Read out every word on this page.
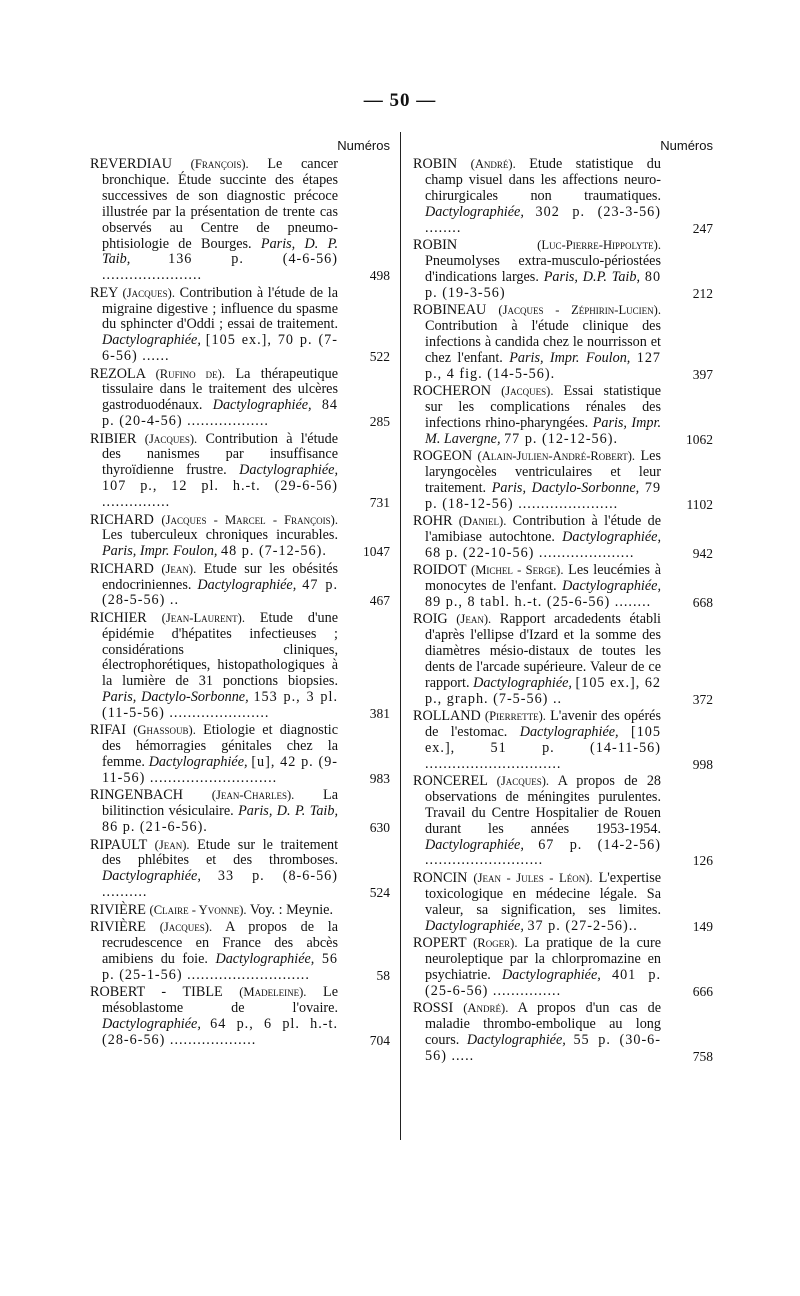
— 50 —
Numéros
REVERDIAU (François). Le cancer bronchique. Étude succinte des étapes successives de son diagnostic précoce illustrée par la présentation de trente cas observés au Centre de pneumo-phtisiologie de Bourges. Paris, D. P. Taib,	136 p. (4-6-56) ......................	498
REY (Jacques). Contribution à l'étude de la migraine digestive ; influence du spasme du sphincter d'Oddi ; essai de traitement. Dactylographiée, [105 ex.], 70 p. (7-6-56) ......	522
REZOLA (Rufino de). La thérapeutique tissulaire dans le traitement des ulcères gastroduodénaux. Dactylographiée, 84 p. (20-4-56) ..................	285
RIBIER (Jacques). Contribution à l'étude des nanismes par insuffisance thyroïdienne frustre. Dactylographiée, 107 p., 12 pl. h.-t. (29-6-56) ...............	731
RICHARD (Jacques - Marcel - François). Les tuberculeux chroniques incurables. Paris, Impr. Foulon, 48 p. (7-12-56).	1047
RICHARD (Jean). Etude sur les obésités endocriniennes. Dactylographiée, 47 p. (28-5-56) ..	467
RICHIER (Jean-Laurent). Etude d'une épidémie d'hépatites infectieuses ; considérations cliniques, électrophorétiques, histopathologiques à la lumière de 31 ponctions biopsies. Paris, Dactylo-Sorbonne, 153 p., 3 pl. (11-5-56) ......................	381
RIFAI (Ghassoub). Etiologie et diagnostic des hémorragies génitales chez la femme. Dactylographiée, [u], 42 p. (9-11-56) ............................	983
RINGENBACH (Jean-Charles). La bilitinction vésiculaire. Paris, D. P. Taib, 86 p. (21-6-56).	630
RIPAULT (Jean). Etude sur le traitement des phlébites et des thromboses. Dactylographiée, 33 p. (8-6-56) ..........	524
RIVIÈRE (Claire - Yvonne). Voy. : Meynie.
RIVIÈRE (Jacques). A propos de la recrudescence en France des abcès amibiens du foie. Dactylographiée, 56 p. (25-1-56) ...........................	58
ROBERT - TIBLE (Madeleine). Le mésoblastome de l'ovaire. Dactylographiée, 64 p., 6 pl. h.-t. (28-6-56) ...................	704
Numéros
ROBIN (André). Etude statistique du champ visuel dans les affections neuro-chirurgicales non traumatiques. Dactylographiée, 302 p. (23-3-56) ........	247
ROBIN	(Luc-Pierre-Hippolyte). Pneumolyses extra-musculo-périostées d'indications larges. Paris, D.P. Taib, 80 p. (19-3-56)	212
ROBINEAU (Jacques - Zéphirin-Lucien). Contribution à l'étude clinique des infections à candida chez le nourrisson et chez l'enfant. Paris, Impr. Foulon, 127 p., 4 fig. (14-5-56).	397
ROCHERON (Jacques). Essai statistique sur les complications rénales des infections rhino-pharyngées. Paris, Impr. M. Lavergne, 77 p. (12-12-56).	1062
ROGEON (Alain-Julien-André-Robert). Les laryngocèles ventriculaires et leur traitement. Paris, Dactylo-Sorbonne, 79 p. (18-12-56) ......................	1102
ROHR (Daniel). Contribution à l'étude de l'amibiase autochtone. Dactylographiée, 68 p. (22-10-56) .....................	942
ROIDOT (Michel - Serge). Les leucémies à monocytes de l'enfant. Dactylographiée, 89 p., 8 tabl. h.-t. (25-6-56) ........	668
ROIG (Jean). Rapport arcadedents établi d'après l'ellipse d'Izard et la somme des diamètres mésio-distaux de toutes les dents de l'arcade supérieure. Valeur de ce rapport. Dactylographiée, [105 ex.], 62 p., graph. (7-5-56) ..	372
ROLLAND (Pierrette). L'avenir des opérés de l'estomac. Dactylographiée, [105 ex.], 51 p. (14-11-56) ..............................	998
RONCEREL (Jacques). A propos de 28 observations de méningites purulentes. Travail du Centre Hospitalier de Rouen durant les années 1953-1954. Dactylographiée, 67 p. (14-2-56) ..........................	126
RONCIN (Jean - Jules - Léon). L'expertise toxicologique en médecine légale. Sa valeur, sa signification, ses limites. Dactylographiée, 37 p. (27-2-56)..	149
ROPERT (Roger). La pratique de la cure neuroleptique par la chlorpromazine en psychiatrie. Dactylographiée, 401 p. (25-6-56) ...............	666
ROSSI (André). A propos d'un cas de maladie thrombo-embolique au long cours. Dactylographiée, 55 p. (30-6-56) .....	758
